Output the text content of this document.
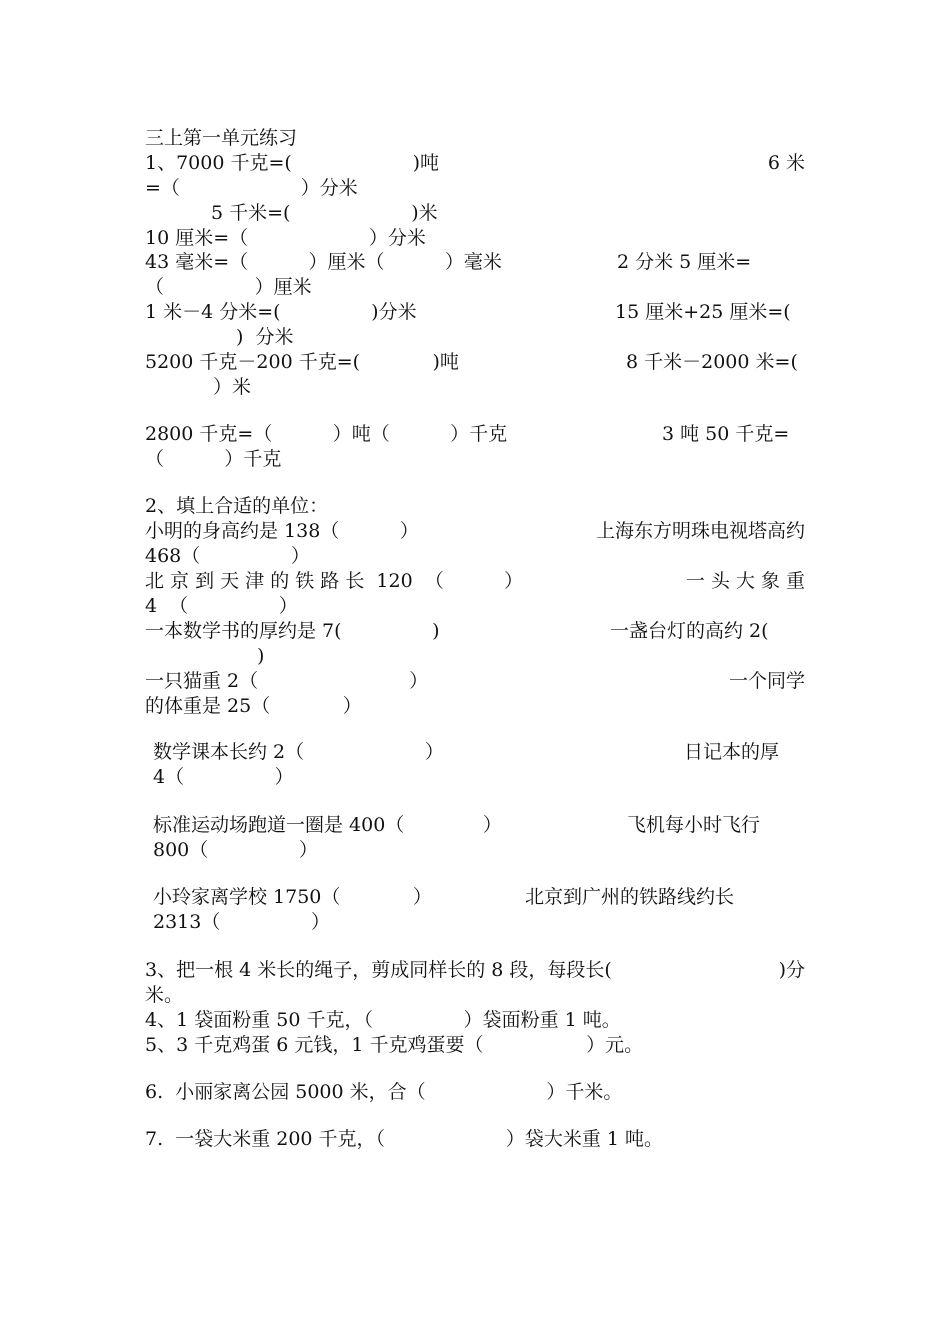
三上第一单元练习

1、7000 千克=(                    )吨	6 米

=（                    ）分米

5 千米=(                    )米

10 厘米=（                    ）分米

43 毫米=（          ）厘米（          ）毫米	2 分米 5 厘米=

（               ）厘米

1 米－4 分米=(               )分米	15 厘米+25 厘米=(

)  分米

5200 千克－200 千克=(            )吨	8 千米－2000 米=(

）米

2800 千克=（          ）吨（          ）千克	3 吨 50 千克=

（          ）千克

2、填上合适的单位：

小明的身高约是 138（          ）	上海东方明珠电视塔高约

468（               ）

北 京 到 天 津 的 铁 路 长  120  （          ）	一 头 大 象 重

4  （               ）

一本数学书的厚约是 7(               )	一盏台灯的高约 2(

)

一只猫重 2（                         ）	一个同学

的体重是 25（            ）

数学课本长约 2（                    ）	日记本的厚

4（               ）

标准运动场跑道一圈是 400（             ）	飞机每小时飞行

800（               ）

小玲家离学校 1750（            ）	北京到广州的铁路线约长

2313（               ）

3、把一根 4 米长的绳子，剪成同样长的 8 段，每段长(	)分

米。

4、1 袋面粉重 50 千克，（               ）袋面粉重 1 吨。

5、3 千克鸡蛋 6 元钱，1 千克鸡蛋要（                 ）元。

6.  小丽家离公园 5000 米，合（                    ）千米。

7.  一袋大米重 200 千克，（                    ）袋大米重 1 吨。
